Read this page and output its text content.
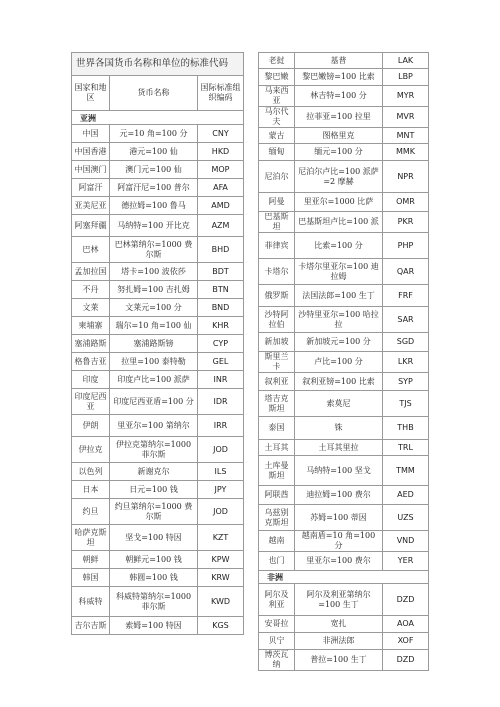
世界各国货币名称和单位的标准代码		
国家和地区	货币名称	国际标准组织编码
亚洲		
中国	元=10 角=100 分	CNY
中国香港	港元=100 仙	HKD
中国澳门	澳门元=100 仙	MOP
阿富汗	阿富汗尼=100 普尔	AFA
亚美尼亚	德拉姆=100 鲁马	AMD
阿塞拜疆	马纳特=100 开比克	AZM
巴林	巴林第纳尔=1000 费尔斯	BHD
孟加拉国	塔卡=100 波依莎	BDT
不丹	努扎姆=100 吉扎姆	BTN
文莱	文莱元=100 分	BND
柬埔寨	瑞尔=10 角=100 仙	KHR
塞浦路斯	塞浦路斯镑	CYP
格鲁吉亚	拉里=100 泰特勒	GEL
印度	印度卢比=100 派萨	INR
印度尼西亚	印度尼西亚盾=100 分	IDR
伊朗	里亚尔=100 第纳尔	IRR
伊拉克	伊拉克第纳尔=1000 菲尔斯	JOD
以色列	新谢克尔	ILS
日本	日元=100 钱	JPY
约旦	约旦第纳尔=1000 费尔斯	JOD
哈萨克斯坦	坚戈=100 特因	KZT
朝鲜	朝鲜元=100 钱	KPW
韩国	韩圆=100 钱	KRW
科威特	科威特第纳尔=1000 菲尔斯	KWD
吉尔吉斯	索姆=100 特因	KGS
老挝	基普	LAK
黎巴嫩	黎巴嫩镑=100 比索	LBP
马来西亚	林吉特=100 分	MYR
马尔代夫	拉菲亚=100 拉里	MVR
蒙古	图格里克	MNT
缅甸	缅元=100 分	MMK
尼泊尔	尼泊尔卢比=100 派萨=2 摩赫	NPR
阿曼	里亚尔=1000 比萨	OMR
巴基斯坦	巴基斯坦卢比=100 派	PKR
菲律宾	比索=100 分	PHP
卡塔尔	卡塔尔里亚尔=100 迪拉姆	QAR
俄罗斯	法国法郎=100 生丁	FRF
沙特阿拉伯	沙特里亚尔=100 哈拉拉	SAR
新加坡	新加坡元=100 分	SGD
斯里兰卡	卢比=100 分	LKR
叙利亚	叙利亚镑=100 比索	SYP
塔吉克斯坦	索莫尼	TJS
泰国	铢	THB
土耳其	土耳其里拉	TRL
土库曼斯坦	马纳特=100 坚戈	TMM
阿联酋	迪拉姆=100 费尔	AED
乌兹别克斯坦	苏姆=100 蒂因	UZS
越南	越南盾=10 角=100 分	VND
也门	里亚尔=100 费尔	YER
非洲		
阿尔及利亚	阿尔及利亚第纳尔=100 生丁	DZD
安哥拉	宽扎	AOA
贝宁	非洲法郎	XOF
博茨瓦纳	普拉=100 生丁	DZD
